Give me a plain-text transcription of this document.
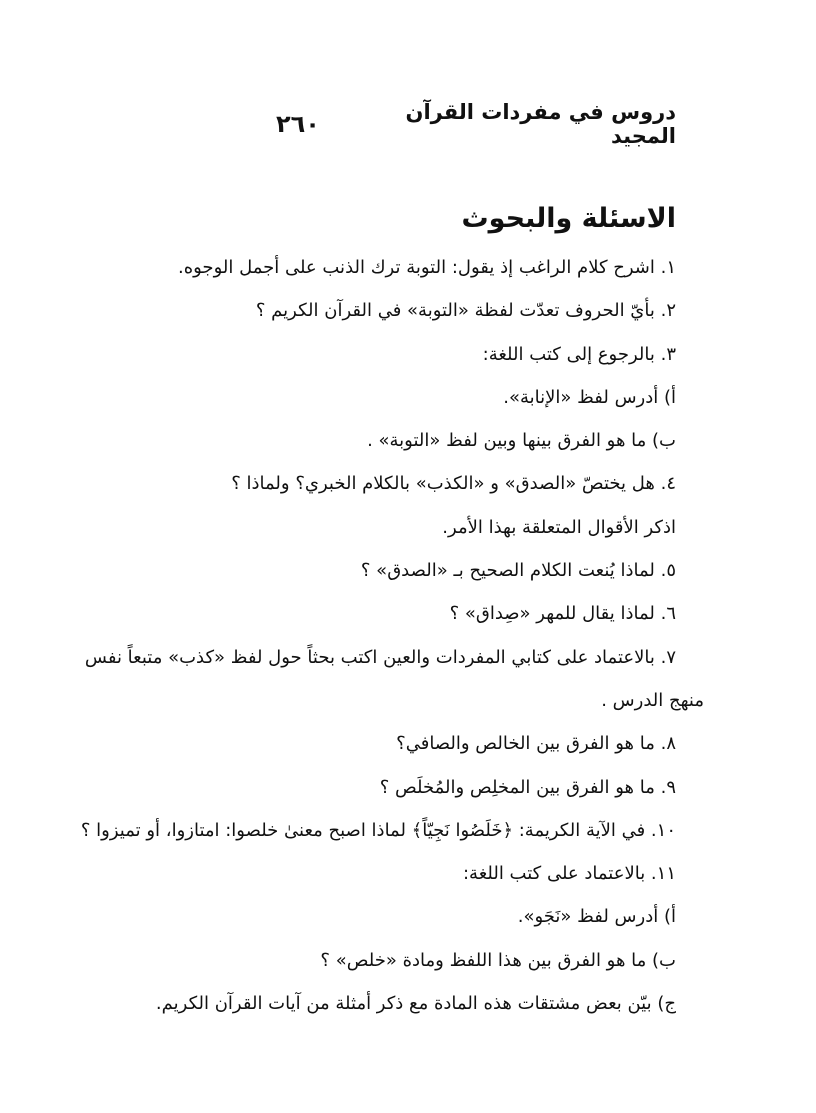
دروس في مفردات القرآن المجيد
٢٦٠
الاسئلة والبحوث
١. اشرح كلام الراغب إذ يقول: التوبة ترك الذنب على أجمل الوجوه.
٢. بأيّ الحروف تعدّت لفظة «التوبة» في القرآن الكريم ؟
٣. بالرجوع إلى كتب اللغة:
أ) أدرس لفظ «الإنابة».
ب) ما هو الفرق بينها وبين لفظ «التوبة» .
٤. هل يختصّ «الصدق» و «الكذب» بالكلام الخبري؟ ولماذا ؟
اذكر الأقوال المتعلقة بهذا الأمر.
٥. لماذا يُنعت الكلام الصحيح بـ «الصدق» ؟
٦. لماذا يقال للمهر «صِداق» ؟
٧. بالاعتماد على كتابي المفردات والعين اكتب بحثاً حول لفظ «كذب» متبعاً نفس
منهج الدرس .
٨. ما هو الفرق بين الخالص والصافي؟
٩. ما هو الفرق بين المخلِص والمُخلَص ؟
١٠. في الآية الكريمة: ﴿خَلَصُوا نَجِيّاً﴾ لماذا اصبح معنىٰ خلصوا: امتازوا، أو تميزوا ؟
١١. بالاعتماد على كتب اللغة:
أ) أدرس لفظ «نَجَو».
ب) ما هو الفرق بين هذا اللفظ ومادة «خلص» ؟
ج) بيّن بعض مشتقات هذه المادة مع ذكر أمثلة من آيات القرآن الكريم.
